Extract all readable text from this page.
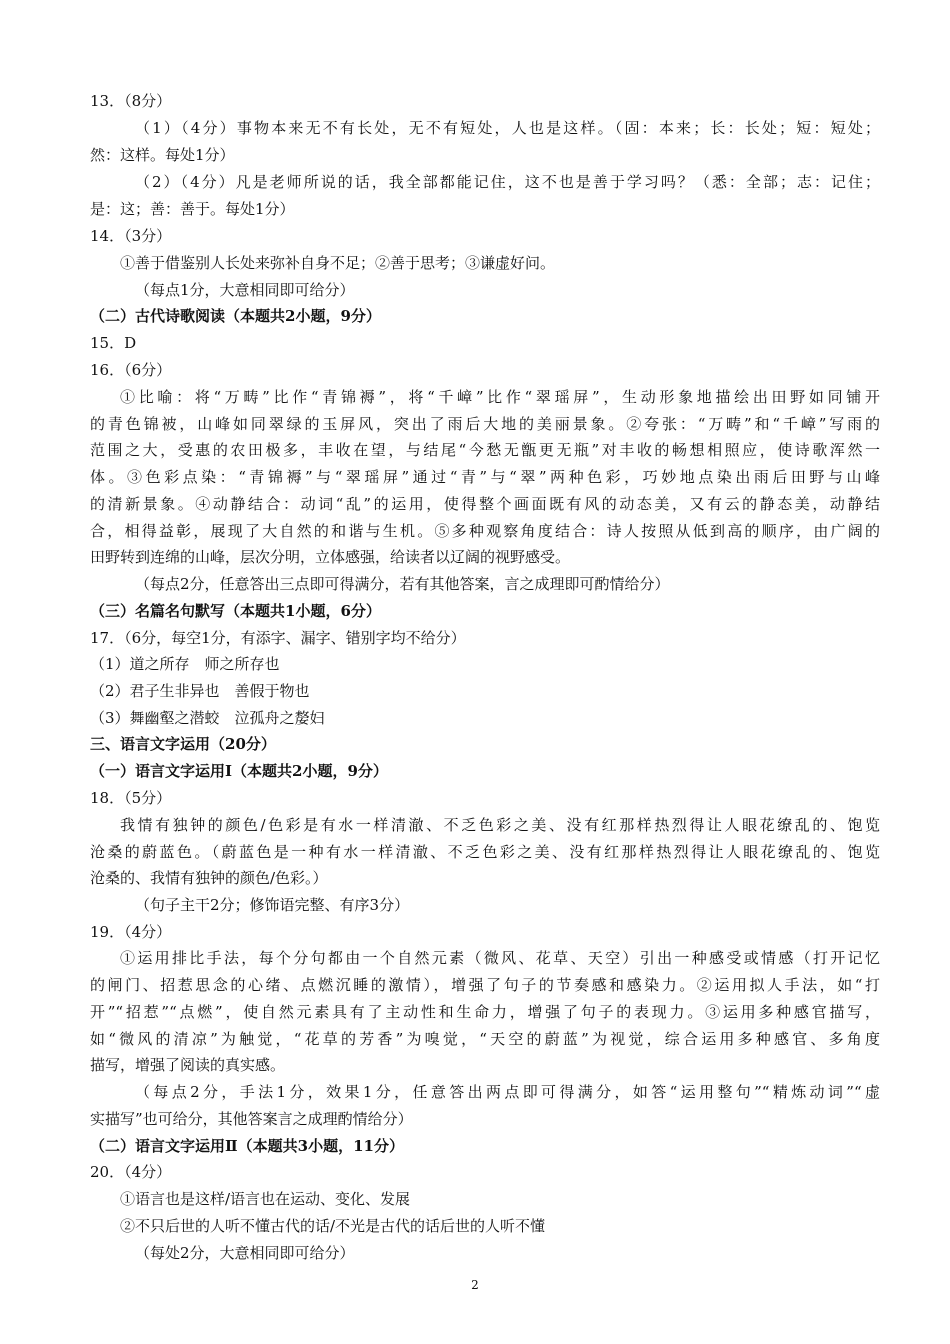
13．（8分）
（1）（4分）事物本来无不有长处，无不有短处，人也是这样。（固：本来；长：长处；短：短处；
然：这样。每处1分）
（2）（4分）凡是老师所说的话，我全部都能记住，这不也是善于学习吗？（悉：全部；志：记住；
是：这；善：善于。每处1分）
14．（3分）
①善于借鉴别人长处来弥补自身不足；②善于思考；③谦虚好问。
（每点1分，大意相同即可给分）
（二）古代诗歌阅读（本题共2小题，9分）
15．D
16．（6分）
①比喻：将“万畴”比作“青锦褥”，将“千嶂”比作“翠瑶屏”，生动形象地描绘出田野如同铺开
的青色锦被，山峰如同翠绿的玉屏风，突出了雨后大地的美丽景象。②夸张：“万畴”和“千嶂”写雨的
范围之大，受惠的农田极多，丰收在望，与结尾“今愁无甑更无瓶”对丰收的畅想相照应，使诗歌浑然一
体。③色彩点染：“青锦褥”与“翠瑶屏”通过“青”与“翠”两种色彩，巧妙地点染出雨后田野与山峰
的清新景象。④动静结合：动词“乱”的运用，使得整个画面既有风的动态美，又有云的静态美，动静结
合，相得益彰，展现了大自然的和谐与生机。⑤多种观察角度结合：诗人按照从低到高的顺序，由广阔的
田野转到连绵的山峰，层次分明，立体感强，给读者以辽阔的视野感受。
（每点2分，任意答出三点即可得满分，若有其他答案，言之成理即可酌情给分）
（三）名篇名句默写（本题共1小题，6分）
17．（6分，每空1分，有添字、漏字、错别字均不给分）
（1）道之所存　师之所存也
（2）君子生非异也　善假于物也
（3）舞幽壑之潜蛟　泣孤舟之嫠妇
三、语言文字运用（20分）
（一）语言文字运用Ⅰ（本题共2小题，9分）
18．（5分）
我情有独钟的颜色/色彩是有水一样清澈、不乏色彩之美、没有红那样热烈得让人眼花缭乱的、饱览
沧桑的蔚蓝色。（蔚蓝色是一种有水一样清澈、不乏色彩之美、没有红那样热烈得让人眼花缭乱的、饱览
沧桑的、我情有独钟的颜色/色彩。）
（句子主干2分；修饰语完整、有序3分）
19．（4分）
①运用排比手法，每个分句都由一个自然元素（微风、花草、天空）引出一种感受或情感（打开记忆
的闸门、招惹思念的心绪、点燃沉睡的激情），增强了句子的节奏感和感染力。②运用拟人手法，如“打
开”“招惹”“点燃”，使自然元素具有了主动性和生命力，增强了句子的表现力。③运用多种感官描写，
如“微风的清凉”为触觉，“花草的芳香”为嗅觉，“天空的蔚蓝”为视觉，综合运用多种感官、多角度
描写，增强了阅读的真实感。
（每点2分，手法1分，效果1分，任意答出两点即可得满分，如答“运用整句”“精炼动词”“虚
实描写”也可给分，其他答案言之成理酌情给分）
（二）语言文字运用Ⅱ（本题共3小题，11分）
20．（4分）
①语言也是这样/语言也在运动、变化、发展
②不只后世的人听不懂古代的话/不光是古代的话后世的人听不懂
（每处2分，大意相同即可给分）
2
